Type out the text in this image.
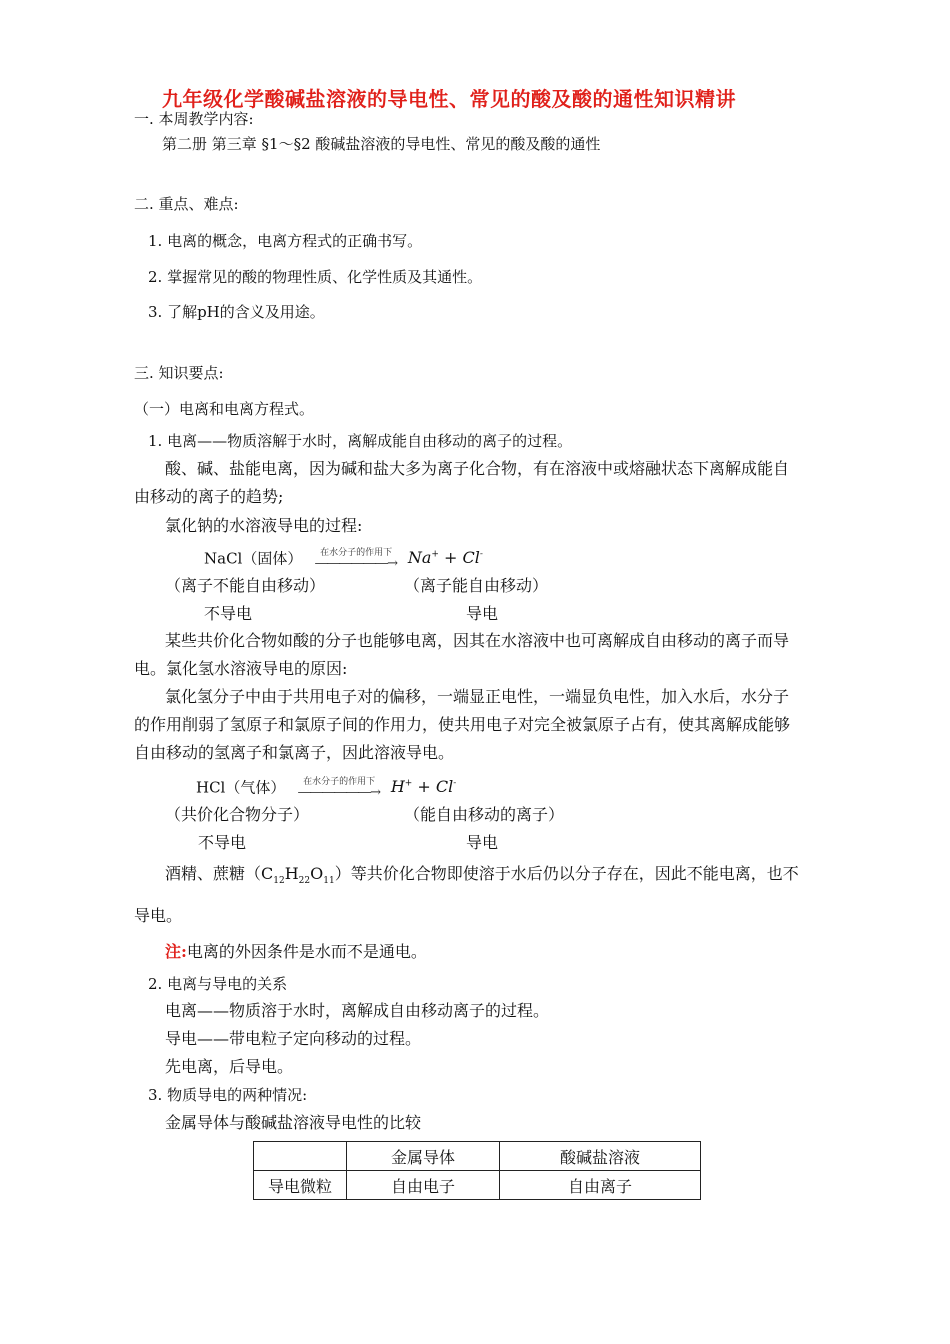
九年级化学酸碱盐溶液的导电性、常见的酸及酸的通性知识精讲
一. 本周教学内容:
第二册 第三章 §1～§2 酸碱盐溶液的导电性、常见的酸及酸的通性
二. 重点、难点:
1. 电离的概念，电离方程式的正确书写。
2. 掌握常见的酸的物理性质、化学性质及其通性。
3. 了解pH的含义及用途。
三. 知识要点:
（一）电离和电离方程式。
1. 电离——物质溶解于水时，离解成能自由移动的离子的过程。
酸、碱、盐能电离，因为碱和盐大多为离子化合物，有在溶液中或熔融状态下离解成能自
由移动的离子的趋势;
氯化钠的水溶液导电的过程:
NaCl（固体） 在水分子的作用下
――――――→ Na+ + Cl-
（离子不能自由移动）	（离子能自由移动）
不导电	导电
某些共价化合物如酸的分子也能够电离，因其在水溶液中也可离解成自由移动的离子而导
电。氯化氢水溶液导电的原因:
氯化氢分子中由于共用电子对的偏移，一端显正电性，一端显负电性，加入水后，水分子
的作用削弱了氢原子和氯原子间的作用力，使共用电子对完全被氯原子占有，使其离解成能够
自由移动的氢离子和氯离子，因此溶液导电。
HCl（气体） 在水分子的作用下
――――――→ H+ + Cl-
（共价化合物分子）	（能自由移动的离子）
不导电	导电
酒精、蔗糖$(C_{12}H_{22}O_{11})$等共价化合物即使溶于水后仍以分子存在，因此不能电离，也不
导电。
注:电离的外因条件是水而不是通电。
2. 电离与导电的关系
电离——物质溶于水时，离解成自由移动离子的过程。
导电——带电粒子定向移动的过程。
先电离，后导电。
3. 物质导电的两种情况:
金属导体与酸碱盐溶液导电性的比较
	金属导体	酸碱盐溶液
导电微粒	自由电子	自由离子
